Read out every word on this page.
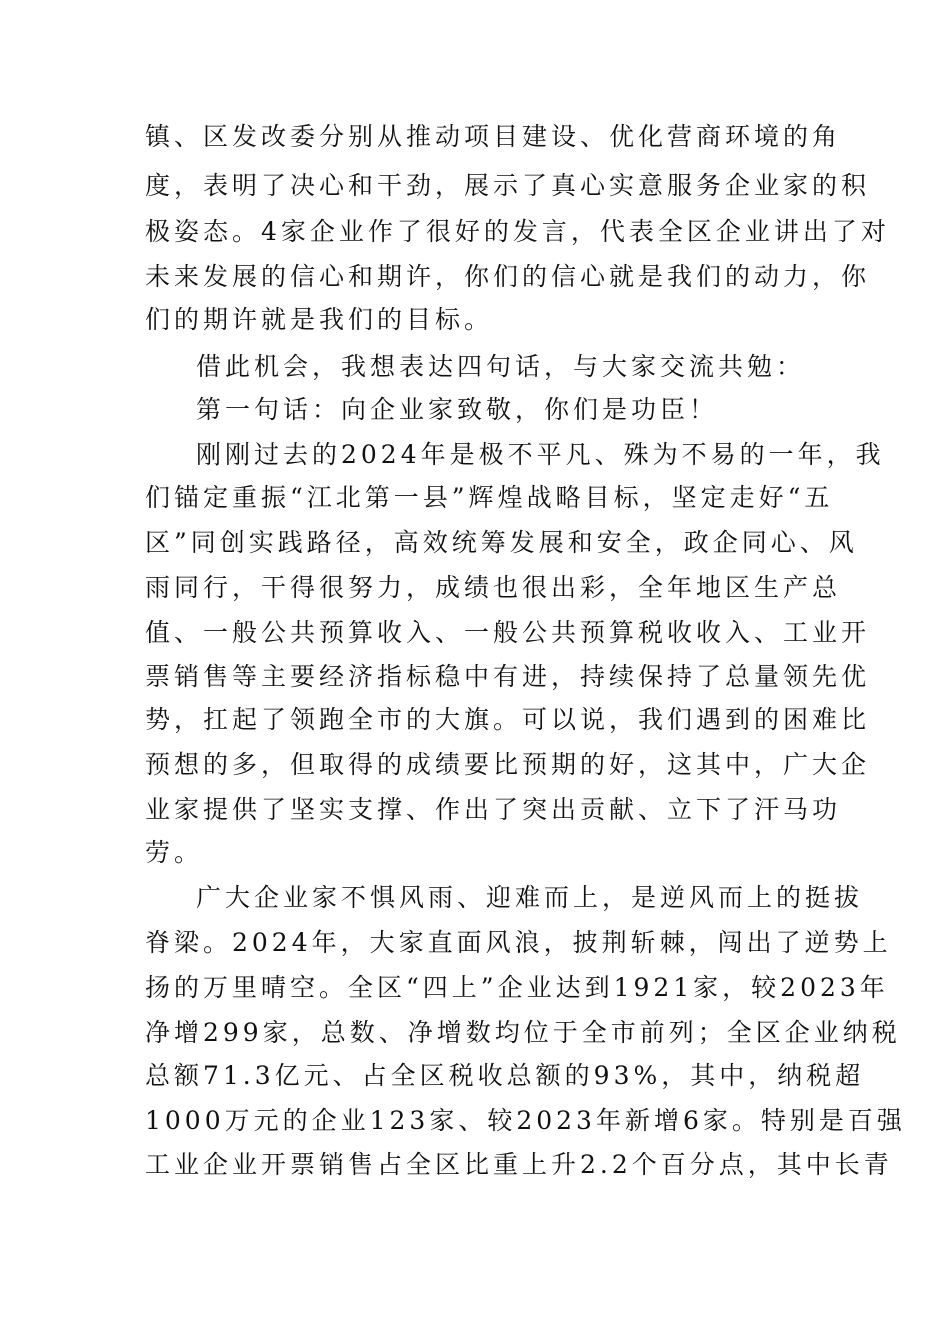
镇、区发改委分别从推动项目建设、优化营商环境的角
度，表明了决心和干劲，展示了真心实意服务企业家的积
极姿态。4家企业作了很好的发言，代表全区企业讲出了对
未来发展的信心和期许，你们的信心就是我们的动力，你
们的期许就是我们的目标。
借此机会，我想表达四句话，与大家交流共勉：
第一句话：向企业家致敬，你们是功臣！
刚刚过去的2024年是极不平凡、殊为不易的一年，我
们锚定重振“江北第一县”辉煌战略目标，坚定走好“五
区”同创实践路径，高效统筹发展和安全，政企同心、风
雨同行，干得很努力，成绩也很出彩，全年地区生产总
值、一般公共预算收入、一般公共预算税收收入、工业开
票销售等主要经济指标稳中有进，持续保持了总量领先优
势，扛起了领跑全市的大旗。可以说，我们遇到的困难比
预想的多，但取得的成绩要比预期的好，这其中，广大企
业家提供了坚实支撑、作出了突出贡献、立下了汗马功
劳。
广大企业家不惧风雨、迎难而上，是逆风而上的挺拔
脊梁。2024年，大家直面风浪，披荆斩棘，闯出了逆势上
扬的万里晴空。全区“四上”企业达到1921家，较2023年
净增299家，总数、净增数均位于全市前列；全区企业纳税
总额71.3亿元、占全区税收总额的93%，其中，纳税超
1000万元的企业123家、较2023年新增6家。特别是百强
工业企业开票销售占全区比重上升2.2个百分点，其中长青
